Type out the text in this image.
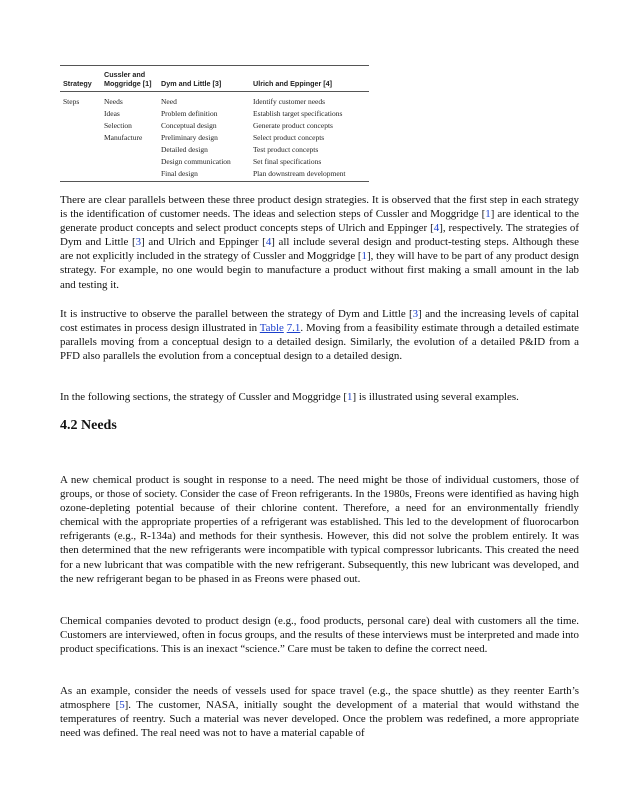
Strategy
Cussler and
Moggridge [1] Dym and Little [3]	Ulrich and Eppinger [4]
Steps	Needs
Ideas
Selection
Manufacture
Need
Problem definition
Conceptual design
Preliminary design
Detailed design
Design communication
Final design
Identify customer needs
Establish target specifications
Generate product concepts
Select product concepts
Test product concepts
Set final specifications
Plan downstream development

There are clear parallels between these three product design strategies. It is observed that the first step in each strategy is the identification of customer needs. The ideas and selection steps of Cussler and Moggridge [1] are identical to the generate product concepts and select product concepts steps of Ulrich and Eppinger [4], respectively. The strategies of Dym and Little [3] and Ulrich and Eppinger [4] all include several design and product-testing steps. Although these are not explicitly included in the strategy of Cussler and Moggridge [1], they will have to be part of any product design strategy. For example, no one would begin to manufacture a product without first making a small amount in the lab and testing it.

It is instructive to observe the parallel between the strategy of Dym and Little [3] and the increasing levels of capital cost estimates in process design illustrated in Table 7.1. Moving from a feasibility estimate through a detailed estimate parallels moving from a conceptual design to a detailed design. Similarly, the evolution of a detailed P&ID from a PFD also parallels the evolution from a conceptual design to a detailed design.

In the following sections, the strategy of Cussler and Moggridge [1] is illustrated using several examples.

4.2 Needs

A new chemical product is sought in response to a need. The need might be those of individual customers, those of groups, or those of society. Consider the case of Freon refrigerants. In the 1980s, Freons were identified as having high ozone-depleting potential because of their chlorine content. Therefore, a need for an environmentally friendly chemical with the appropriate properties of a refrigerant was established. This led to the development of fluorocarbon refrigerants (e.g., R-134a) and methods for their synthesis. However, this did not solve the problem entirely. It was then determined that the new refrigerants were incompatible with typical compressor lubricants. This created the need for a new lubricant that was compatible with the new refrigerant. Subsequently, this new lubricant was developed, and the new refrigerant began to be phased in as Freons were phased out.

Chemical companies devoted to product design (e.g., food products, personal care) deal with customers all the time. Customers are interviewed, often in focus groups, and the results of these interviews must be interpreted and made into product specifications. This is an inexact “science.” Care must be taken to define the correct need.

As an example, consider the needs of vessels used for space travel (e.g., the space shuttle) as they reenter Earth’s atmosphere [5]. The customer, NASA, initially sought the development of a material that would withstand the temperatures of reentry. Such a material was never developed. Once the problem was redefined, a more appropriate need was defined. The real need was not to have a material capable of
